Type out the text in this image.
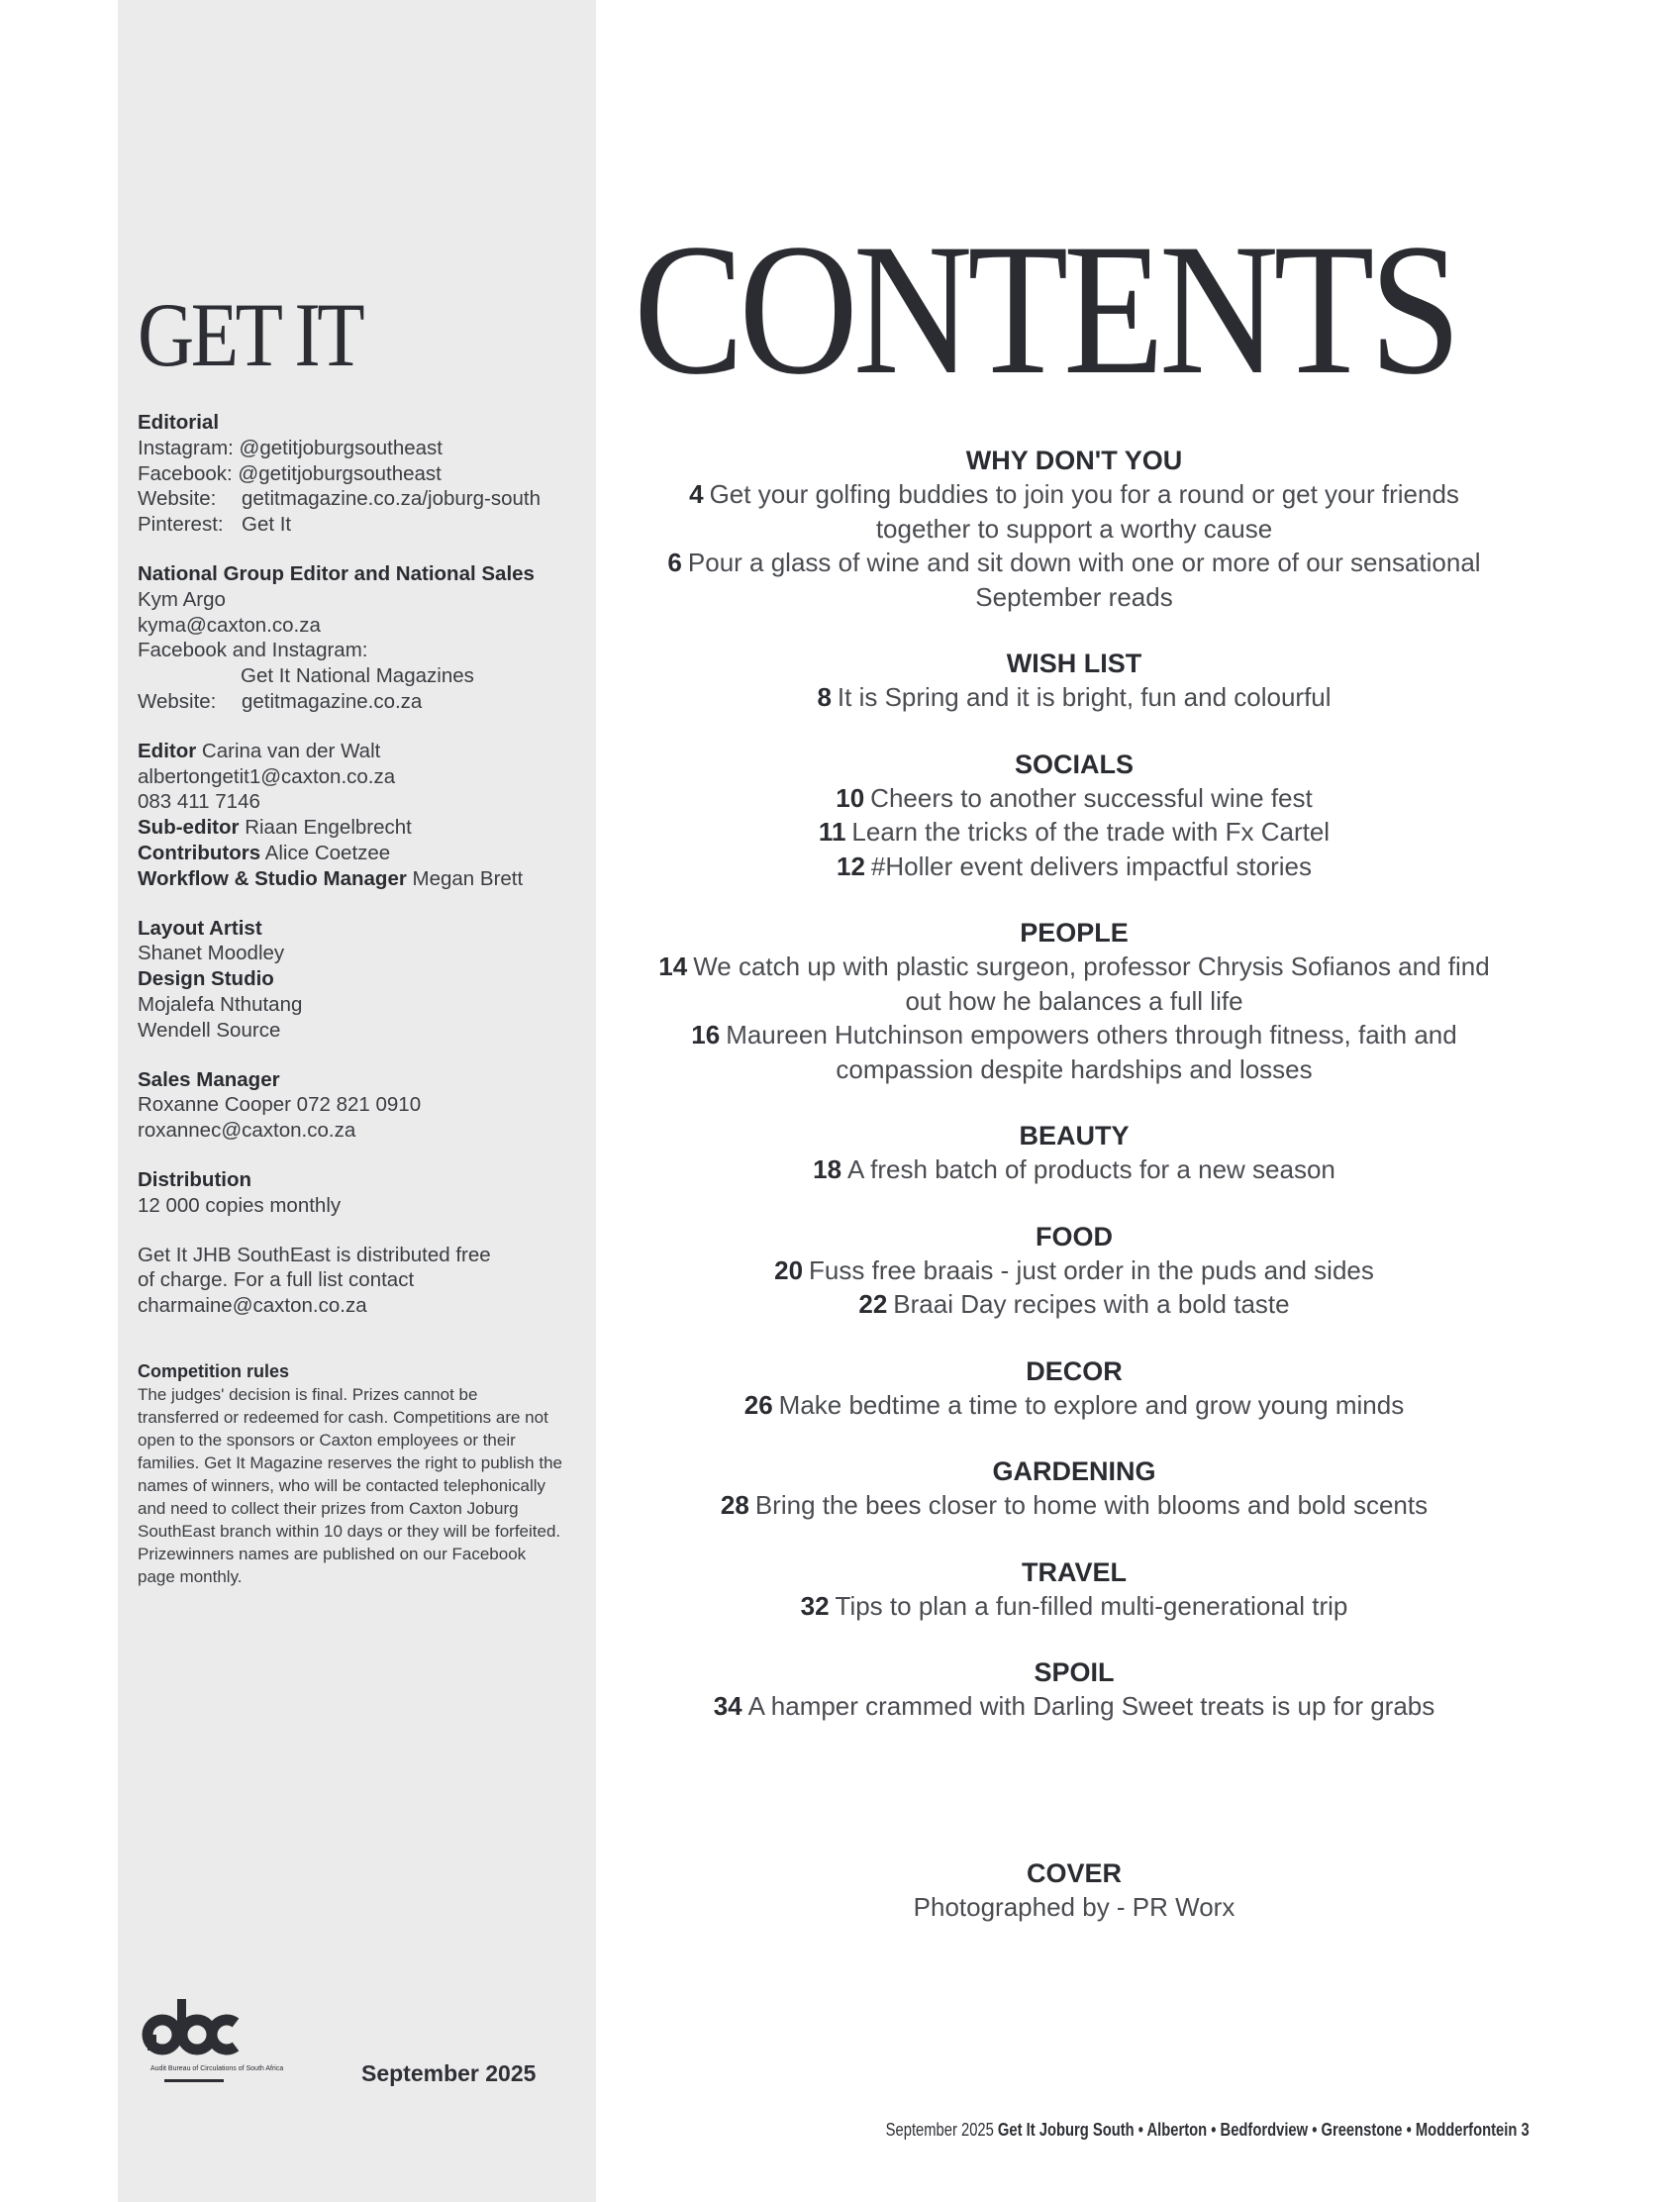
GET IT
Editorial
Instagram: @getitjoburgsoutheast
Facebook: @getitjoburgsoutheast
Website: getitmagazine.co.za/joburg-south
Pinterest: Get It
National Group Editor and National Sales
Kym Argo
kyma@caxton.co.za
Facebook and Instagram:
Get It National Magazines
Website: getitmagazine.co.za
Editor Carina van der Walt
albertongetit1@caxton.co.za
083 411 7146
Sub-editor Riaan Engelbrecht
Contributors Alice Coetzee
Workflow & Studio Manager Megan Brett
Layout Artist
Shanet Moodley
Design Studio
Mojalefa Nthutang
Wendell Source
Sales Manager
Roxanne Cooper 072 821 0910
roxannec@caxton.co.za
Distribution
12 000 copies monthly
Get It JHB SouthEast is distributed free
of charge. For a full list contact
charmaine@caxton.co.za
Competition rules
The judges' decision is final. Prizes cannot be transferred or redeemed for cash. Competitions are not open to the sponsors or Caxton employees or their families. Get It Magazine reserves the right to publish the names of winners, who will be contacted telephonically and need to collect their prizes from Caxton Joburg SouthEast branch within 10 days or they will be forfeited. Prizewinners names are published on our Facebook page monthly.
Audit Bureau of Circulations of South Africa	September 2025
CONTENTS
WHY DON'T YOU
4 Get your golfing buddies to join you for a round or get your friends together to support a worthy cause
6 Pour a glass of wine and sit down with one or more of our sensational September reads
WISH LIST
8 It is Spring and it is bright, fun and colourful
SOCIALS
10 Cheers to another successful wine fest
11 Learn the tricks of the trade with Fx Cartel
12 #Holler event delivers impactful stories
PEOPLE
14 We catch up with plastic surgeon, professor Chrysis Sofianos and find out how he balances a full life
16 Maureen Hutchinson empowers others through fitness, faith and compassion despite hardships and losses
BEAUTY
18 A fresh batch of products for a new season
FOOD
20 Fuss free braais - just order in the puds and sides
22 Braai Day recipes with a bold taste
DECOR
26 Make bedtime a time to explore and grow young minds
GARDENING
28 Bring the bees closer to home with blooms and bold scents
TRAVEL
32 Tips to plan a fun-filled multi-generational trip
SPOIL
34 A hamper crammed with Darling Sweet treats is up for grabs
COVER
Photographed by - PR Worx
September 2025 Get It Joburg South • Alberton • Bedfordview • Greenstone • Modderfontein 3
